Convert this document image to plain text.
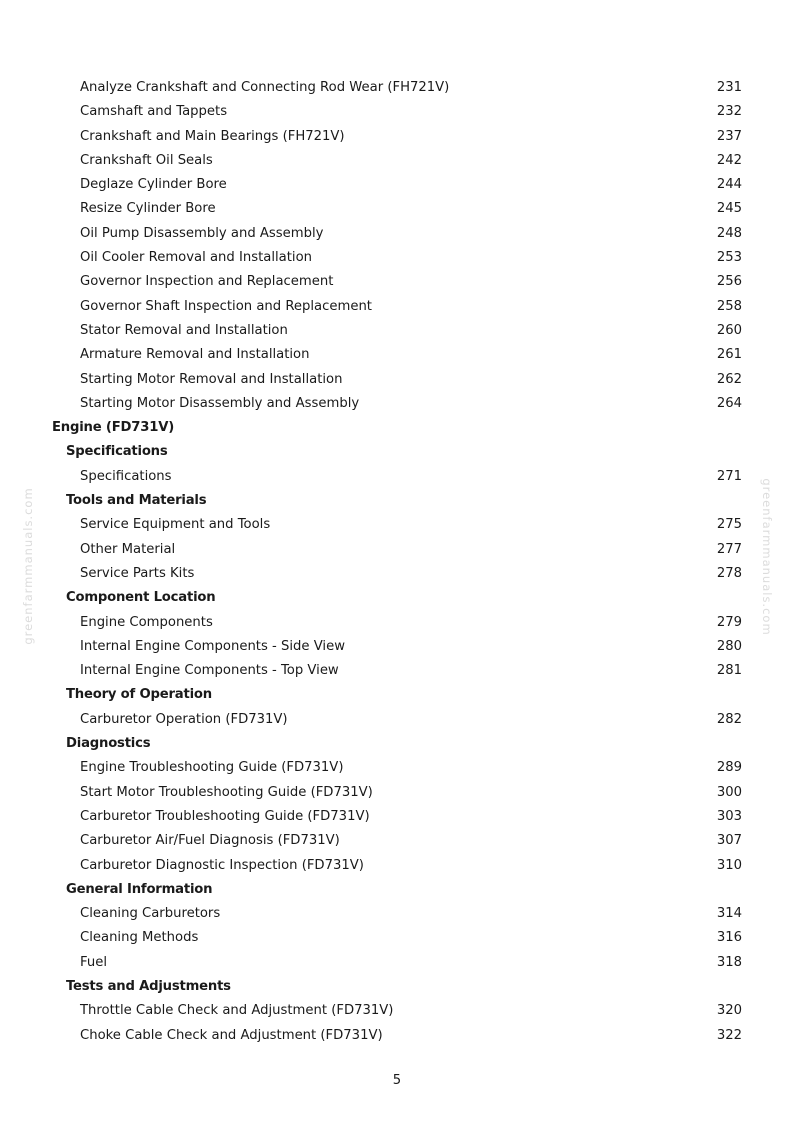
Analyze Crankshaft and Connecting Rod Wear (FH721V)	231
Camshaft and Tappets	232
Crankshaft and Main Bearings (FH721V)	237
Crankshaft Oil Seals	242
Deglaze Cylinder Bore	244
Resize Cylinder Bore	245
Oil Pump Disassembly and Assembly	248
Oil Cooler Removal and Installation	253
Governor Inspection and Replacement	256
Governor Shaft Inspection and Replacement	258
Stator Removal and Installation	260
Armature Removal and Installation	261
Starting Motor Removal and Installation	262
Starting Motor Disassembly and Assembly	264
Engine (FD731V)
Specifications
Specifications	271
Tools and Materials
Service Equipment and Tools	275
Other Material	277
Service Parts Kits	278
Component Location
Engine Components	279
Internal Engine Components - Side View	280
Internal Engine Components - Top View	281
Theory of Operation
Carburetor Operation (FD731V)	282
Diagnostics
Engine Troubleshooting Guide (FD731V)	289
Start Motor Troubleshooting Guide (FD731V)	300
Carburetor Troubleshooting Guide (FD731V)	303
Carburetor Air/Fuel Diagnosis (FD731V)	307
Carburetor Diagnostic Inspection (FD731V)	310
General Information
Cleaning Carburetors	314
Cleaning Methods	316
Fuel	318
Tests and Adjustments
Throttle Cable Check and Adjustment (FD731V)	320
Choke Cable Check and Adjustment (FD731V)	322
greenfarmmanuals.com	greenfarmmanuals.com
5
